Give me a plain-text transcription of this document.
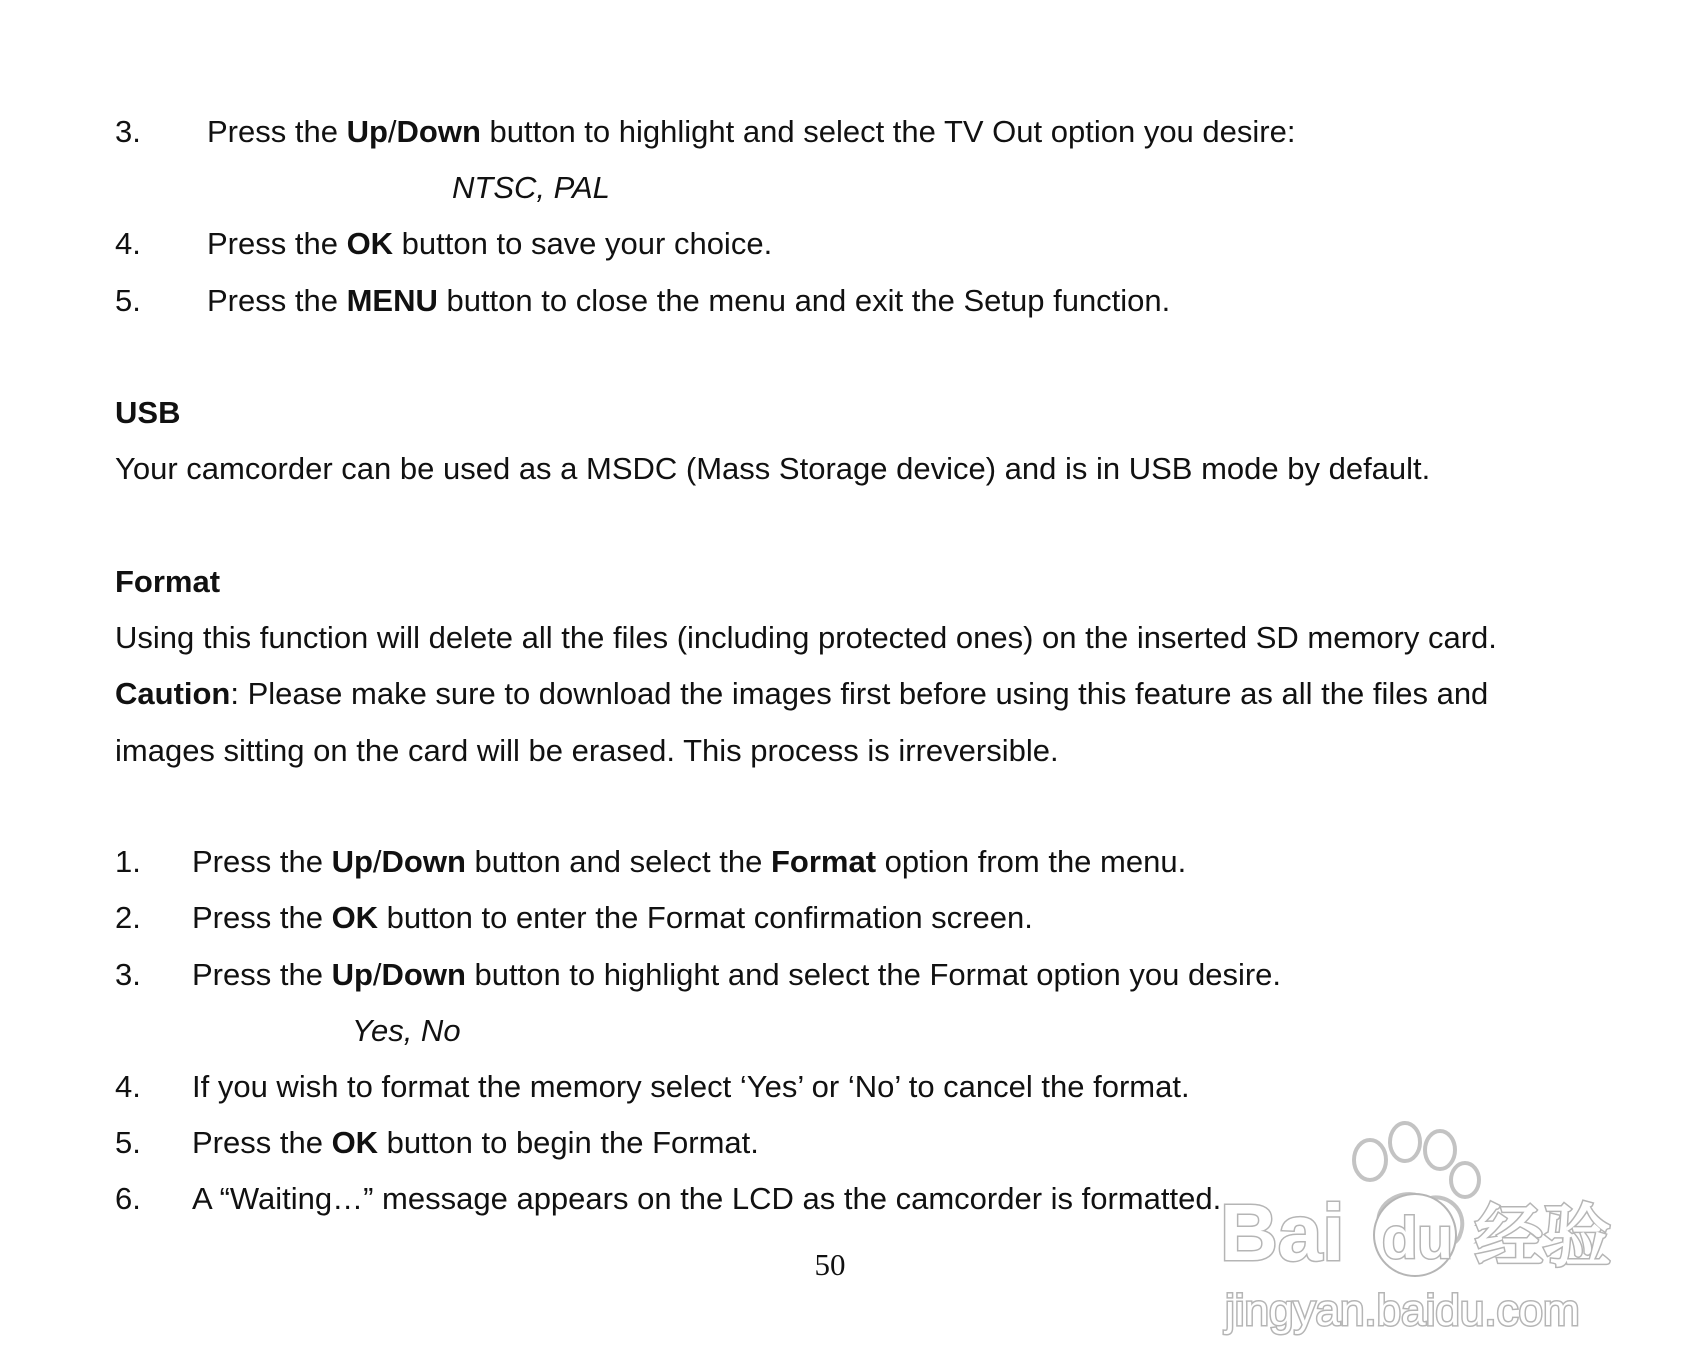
3. Press the Up/Down button to highlight and select the TV Out option you desire:
NTSC, PAL
4. Press the OK button to save your choice.
5. Press the MENU button to close the menu and exit the Setup function.
USB
Your camcorder can be used as a MSDC (Mass Storage device) and is in USB mode by default.
Format
Using this function will delete all the files (including protected ones) on the inserted SD memory card.
Caution: Please make sure to download the images first before using this feature as all the files and
images sitting on the card will be erased. This process is irreversible.
1. Press the Up/Down button and select the Format option from the menu.
2. Press the OK button to enter the Format confirmation screen.
3. Press the Up/Down button to highlight and select the Format option you desire.
Yes, No
4. If you wish to format the memory select ‘Yes’ or ‘No’ to cancel the format.
5. Press the OK button to begin the Format.
6. A “Waiting…” message appears on the LCD as the camcorder is formatted.
50	Bai du 经验
jingyan.baidu.com
